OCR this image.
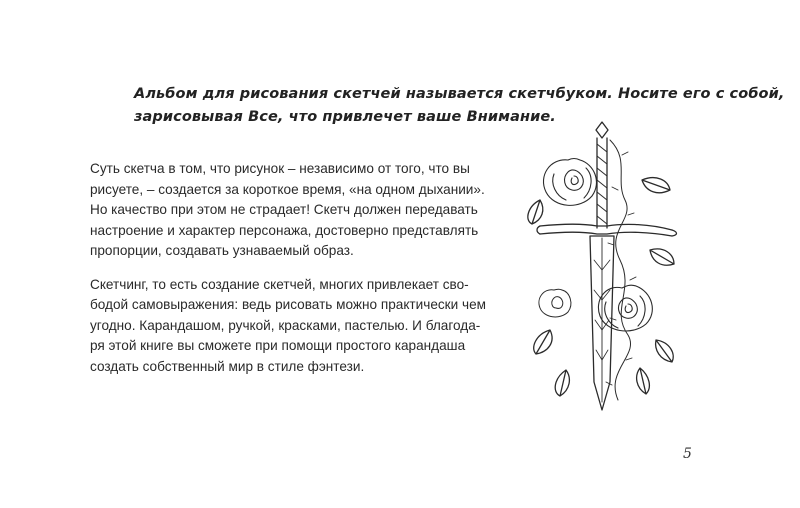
Альбом для рисования скетчей называется скетчбуком. Носите его с собой,
зарисовывая Все, что привлечет ваше Внимание.
Суть скетча в том, что рисунок – независимо от того, что вы
рисуете, – создается за короткое время, «на одном дыхании».
Но качество при этом не страдает! Скетч должен передавать
настроение и характер персонажа, достоверно представлять
пропорции, создавать узнаваемый образ.
Скетчинг, то есть создание скетчей, многих привлекает сво-
бодой самовыражения: ведь рисовать можно практически чем
угодно. Карандашом, ручкой, красками, пастелью. И благода-
ря этой книге вы сможете при помощи простого карандаша
создать собственный мир в стиле фэнтези.
5
